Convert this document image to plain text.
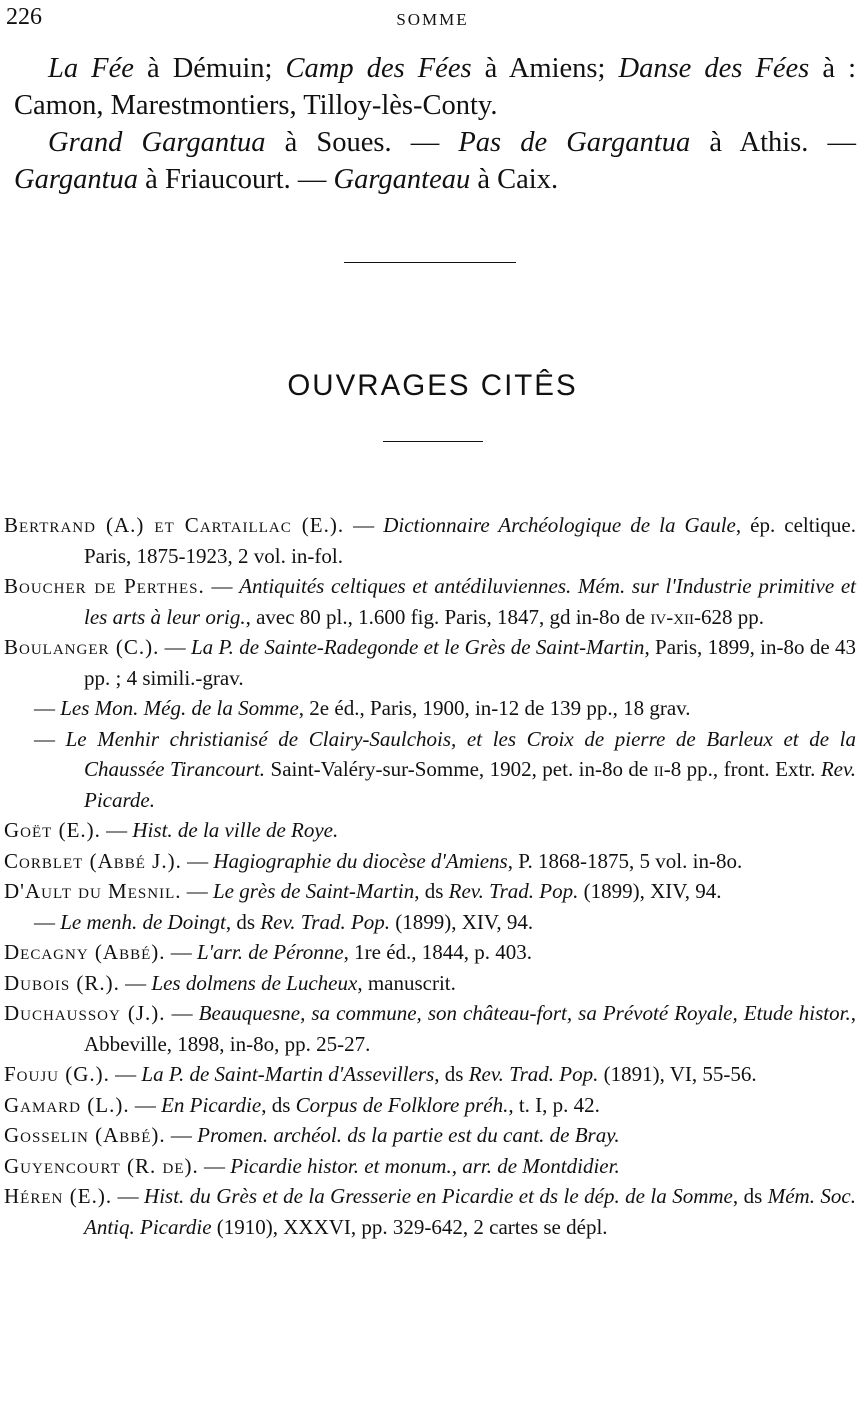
226	SOMME

La Fée à Démuin; Camp des Fées à Amiens; Danse des Fées à : Camon, Marestmontiers, Tilloy-lès-Conty.

Grand Gargantua à Soues. — Pas de Gargantua à Athis. — Gargantua à Friaucourt. — Garganteau à Caix.

OUVRAGES CITÊS
Bertrand (A.) et Cartaillac (E.). — Dictionnaire Archéologique de la Gaule, ép. celtique. Paris, 1875-1923, 2 vol. in-fol.
Boucher de Perthes. — Antiquités celtiques et antédiluviennes. Mém. sur l'Industrie primitive et les arts à leur orig., avec 80 pl., 1.600 fig. Paris, 1847, gd in-8o de iv-xii-628 pp.
Boulanger (C.). — La P. de Sainte-Radegonde et le Grès de Saint-Martin, Paris, 1899, in-8o de 43 pp. ; 4 simili.-grav.
— Les Mon. Még. de la Somme, 2e éd., Paris, 1900, in-12 de 139 pp., 18 grav.
— Le Menhir christianisé de Clairy-Saulchois, et les Croix de pierre de Barleux et de la Chaussée Tirancourt. Saint-Valéry-sur-Somme, 1902, pet. in-8o de ii-8 pp., front. Extr. Rev. Picarde.
Goët (E.). — Hist. de la ville de Roye.
Corblet (Abbé J.). — Hagiographie du diocèse d'Amiens, P. 1868-1875, 5 vol. in-8o.
D'Ault du Mesnil. — Le grès de Saint-Martin, ds Rev. Trad. Pop. (1899), XIV, 94.
— Le menh. de Doingt, ds Rev. Trad. Pop. (1899), XIV, 94.
Decagny (Abbé). — L'arr. de Péronne, 1re éd., 1844, p. 403.
Dubois (R.). — Les dolmens de Lucheux, manuscrit.
Duchaussoy (J.). — Beauquesne, sa commune, son château-fort, sa Prévoté Royale, Etude histor., Abbeville, 1898, in-8o, pp. 25-27.
Fouju (G.). — La P. de Saint-Martin d'Assevillers, ds Rev. Trad. Pop. (1891), VI, 55-56.
Gamard (L.). — En Picardie, ds Corpus de Folklore préh., t. I, p. 42.
Gosselin (Abbé). — Promen. archéol. ds la partie est du cant. de Bray.
Guyencourt (R. de). — Picardie histor. et monum., arr. de Montdidier.
Héren (E.). — Hist. du Grès et de la Gresserie en Picardie et ds le dép. de la Somme, ds Mém. Soc. Antiq. Picardie (1910), XXXVI, pp. 329-642, 2 cartes se dépl.
